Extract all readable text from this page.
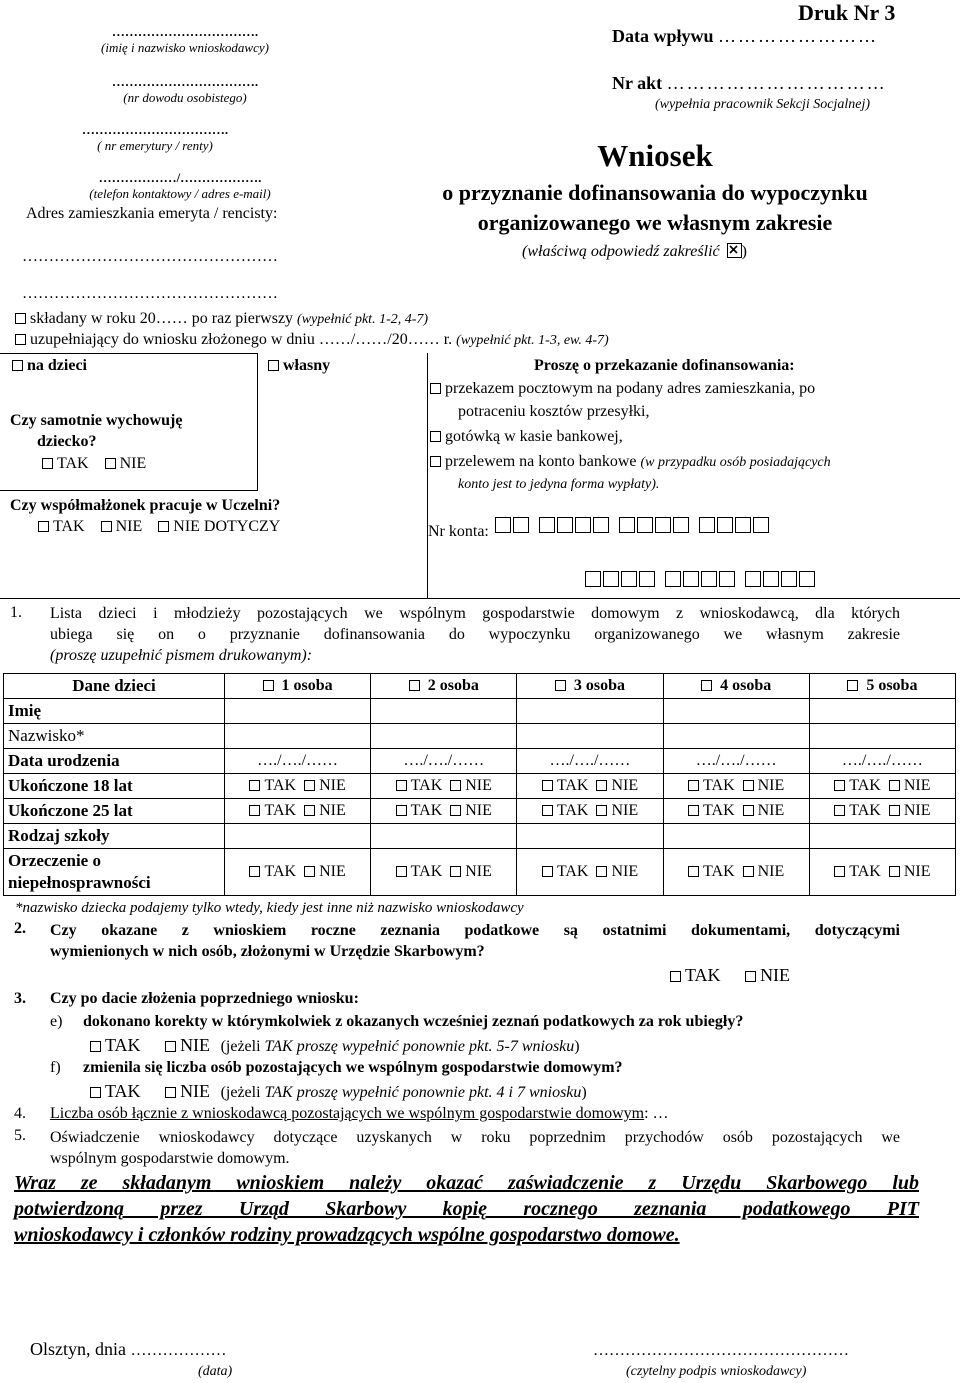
…………………………….
(imię i nazwisko wnioskodawcy)
…………………………….
(nr dowodu osobistego)
…………………………….
( nr emerytury / renty)
………………/……………….
(telefon kontaktowy / adres e-mail)
Adres zamieszkania emeryta / rencisty:
…………………………………………
…………………………………………
Druk Nr 3
Data wpływu ……………………
Nr akt ……………………………
(wypełnia pracownik Sekcji Socjalnej)
Wniosek
o przyznanie dofinansowania do wypoczynku
organizowanego we własnym zakresie
(właściwą odpowiedź zakreślić ☒)
składany w roku 20…… po raz pierwszy (wypełnić pkt. 1-2, 4-7)
uzupełniający do wniosku złożonego w dniu ……/……/20…… r. (wypełnić pkt. 1-3, ew. 4-7)
na dzieci	własny
Czy samotnie wychowuję
dziecko?
TAK NIE
Czy współmałżonek pracuje w Uczelni?
TAK NIE NIE DOTYCZY
Proszę o przekazanie dofinansowania:
przekazem pocztowym na podany adres zamieszkania, po
potraceniu kosztów przesyłki,
gotówką w kasie bankowej,
przelewem na konto bankowe (w przypadku osób posiadających
konto jest to jedyna forma wypłaty).
Nr konta:
1. Lista dzieci i młodzieży pozostających we wspólnym gospodarstwie domowym z wnioskodawcą, dla których
ubiega się on o przyznanie dofinansowania do wypoczynku organizowanego we własnym zakresie
(proszę uzupełnić pismem drukowanym):
Dane dzieci	1 osoba	2 osoba	3 osoba	4 osoba	5 osoba
Imię					
Nazwisko*					
Data urodzenia	…./…./……	…./…./……	…./…./……	…./…./……	…./…./……
Ukończone 18 lat	TAK NIE	TAK NIE	TAK NIE	TAK NIE	TAK NIE
Ukończone 25 lat	TAK NIE	TAK NIE	TAK NIE	TAK NIE	TAK NIE
Rodzaj szkoły					

Orzeczenie o
niepełnosprawności	TAK NIE	TAK NIE	TAK NIE	TAK NIE	TAK NIE
*nazwisko dziecka podajemy tylko wtedy, kiedy jest inne niż nazwisko wnioskodawcy
2. Czy okazane z wnioskiem roczne zeznania podatkowe są ostatnimi dokumentami, dotyczącymi
wymienionych w nich osób, złożonymi w Urzędzie Skarbowym?
TAK NIE
3. Czy po dacie złożenia poprzedniego wniosku:
e) dokonano korekty w którymkolwiek z okazanych wcześniej zeznań podatkowych za rok ubiegły?
TAK NIE (jeżeli TAK proszę wypełnić ponownie pkt. 5-7 wniosku)
f) zmienila się liczba osób pozostających we wspólnym gospodarstwie domowym?
TAK NIE (jeżeli TAK proszę wypełnić ponownie pkt. 4 i 7 wniosku)
4. Liczba osób łącznie z wnioskodawcą pozostających we wspólnym gospodarstwie domowym: …
5. Oświadczenie wnioskodawcy dotyczące uzyskanych w roku poprzednim przychodów osób pozostających we
wspólnym gospodarstwie domowym.
Wraz ze składanym wnioskiem należy okazać zaświadczenie z Urzędu Skarbowego lub
potwierdzoną przez Urząd Skarbowy kopię rocznego zeznania podatkowego PIT
wnioskodawcy i członków rodziny prowadzących wspólne gospodarstwo domowe.
Olsztyn, dnia ………………
(data)
…………………………………………
(czytelny podpis wnioskodawcy)
